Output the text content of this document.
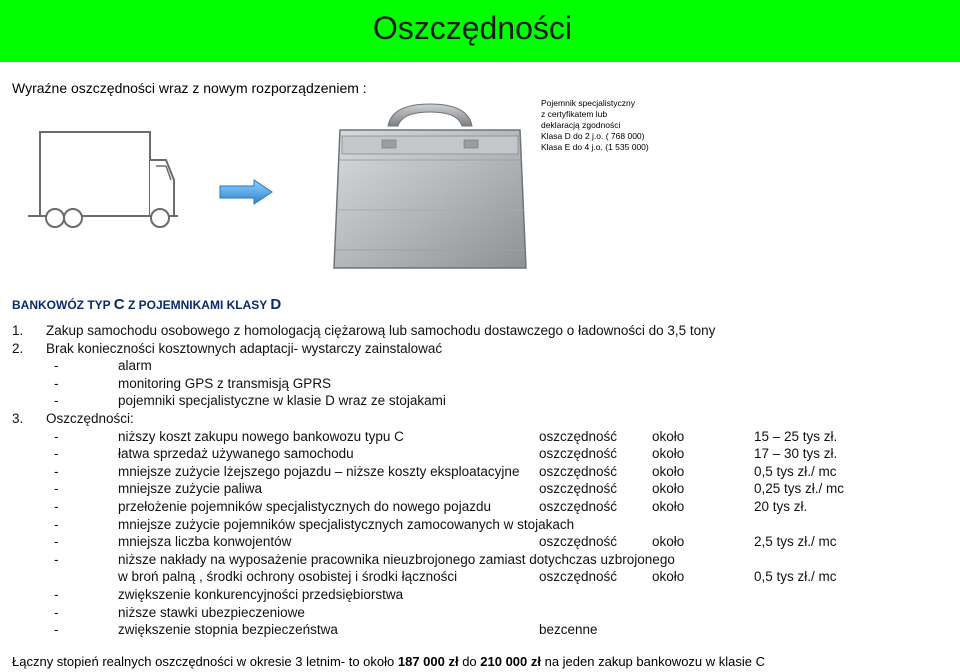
Oszczędności
Wyraźne oszczędności wraz z nowym rozporządzeniem :
Pojemnik specjalistyczny
z certyfikatem lub
deklaracją zgodności
Klasa D do 2 j.o. ( 768 000)
Klasa E do 4 j.o. (1 535 000)
BANKOWÓZ TYP C Z POJEMNIKAMI KLASY D
1. Zakup samochodu osobowego z homologacją ciężarową lub samochodu dostawczego o ładowności do 3,5 tony
2. Brak konieczności kosztownych adaptacji- wystarczy zainstalować
-	alarm
-	monitoring GPS z transmisją GPRS
-	pojemniki specjalistyczne w klasie D wraz ze stojakami
3. Oszczędności:
-	niższy koszt zakupu nowego bankowozu typu C	oszczędność	około	15 – 25 tys zł.
-	łatwa sprzedaż używanego samochodu	oszczędność	około	17 – 30 tys zł.
-	mniejsze zużycie lżejszego pojazdu – niższe koszty eksploatacyjne oszczędność	około	0,5 tys zł./ mc
-	mniejsze zużycie paliwa	oszczędność	około	0,25 tys zł./ mc
-	przełożenie pojemników specjalistycznych do nowego pojazdu	oszczędność	około	20 tys zł.
-	mniejsze zużycie pojemników specjalistycznych zamocowanych w stojakach
-	mniejsza liczba konwojentów	oszczędność	około	2,5 tys zł./ mc
-	niższe nakłady na wyposażenie pracownika nieuzbrojonego zamiast dotychczas uzbrojonego
w broń palną , środki ochrony osobistej i środki łączności	oszczędność	około	0,5 tys zł./ mc
-	zwiększenie konkurencyjności przedsiębiorstwa
-	niższe stawki ubezpieczeniowe
-	zwiększenie stopnia bezpieczeństwa	bezcenne
Łączny stopień realnych oszczędności w okresie 3 letnim- to około 187 000 zł do 210 000 zł na jeden zakup bankowozu w klasie C
